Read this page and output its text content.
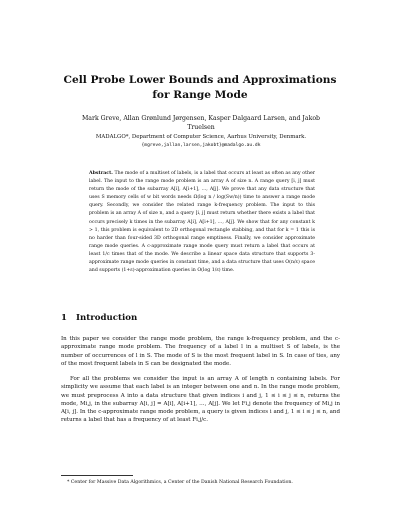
Cell Probe Lower Bounds and Approximations for Range Mode

Mark Greve, Allan Grønlund Jørgensen, Kasper Dalgaard Larsen, and Jakob Truelsen

MADALGO*, Department of Computer Science, Aarhus University, Denmark.
{mgreve,jallan,larsen,jakobt}@madalgo.au.dk

Abstract. The mode of a multiset of labels, is a label that occurs at least as often as any other label. The input to the range mode problem is an array A of size n. A range query [i, j] must return the mode of the subarray A[i], A[i+1], …, A[j]. We prove that any data structure that uses S memory cells of w bit words needs Ω(log n / log(Sw/n)) time to answer a range mode query. Secondly, we consider the related range k-frequency problem. The input to this problem is an array A of size n, and a query [i, j] must return whether there exists a label that occurs precisely k times in the subarray A[i], A[i+1], …, A[j]. We show that for any constant k > 1, this problem is equivalent to 2D orthogonal rectangle stabbing, and that for k = 1 this is no harder than four-sided 3D orthogonal range emptiness. Finally, we consider approximate range mode queries. A c-approximate range mode query must return a label that occurs at least 1/c times that of the mode. We describe a linear space data structure that supports 3-approximate range mode queries in constant time, and a data structure that uses O(n/ε) space and supports (1+ε)-approximation queries in O(log 1/ε) time.

1 Introduction

In this paper we consider the range mode problem, the range k-frequency problem, and the c-approximate range mode problem. The frequency of a label l in a multiset S of labels, is the number of occurrences of l in S. The mode of S is the most frequent label in S. In case of ties, any of the most frequent labels in S can be designated the mode.

For all the problems we consider the input is an array A of length n containing labels. For simplicity we assume that each label is an integer between one and n. In the range mode problem, we must preprocess A into a data structure that given indices i and j, 1 ≤ i ≤ j ≤ n, returns the mode, Mi,j, in the subarray A[i, j] = A[i], A[i+1], …, A[j]. We let Fi,j denote the frequency of Mi,j in A[i, j]. In the c-approximate range mode problem, a query is given indices i and j, 1 ≤ i ≤ j ≤ n, and returns a label that has a frequency of at least Fi,j/c.

* Center for Massive Data Algorithmics, a Center of the Danish National Research Foundation.
